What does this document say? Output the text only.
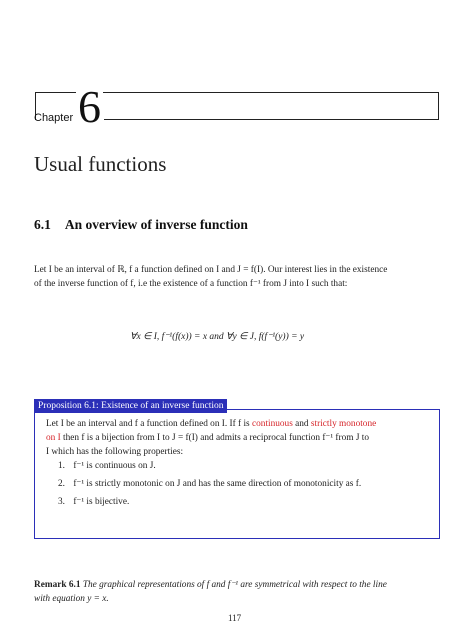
Chapter 6
Usual functions
6.1 An overview of inverse function
Let I be an interval of ℝ, f a function defined on I and J = f(I). Our interest lies in the existence
of the inverse function of f, i.e the existence of a function f⁻¹ from J into I such that:
∀x ∈ I, f⁻¹(f(x)) = x and ∀y ∈ J, f(f⁻¹(y)) = y
Proposition 6.1: Existence of an inverse function
Let I be an interval and f a function defined on I. If f is continuous and strictly monotone
on I then f is a bijection from I to J = f(I) and admits a reciprocal function f⁻¹ from J to
I which has the following properties:
1. f⁻¹ is continuous on J.
2. f⁻¹ is strictly monotonic on J and has the same direction of monotonicity as f.
3. f⁻¹ is bijective.
Remark 6.1 The graphical representations of f and f⁻¹ are symmetrical with respect to the line
with equation y = x.
117
